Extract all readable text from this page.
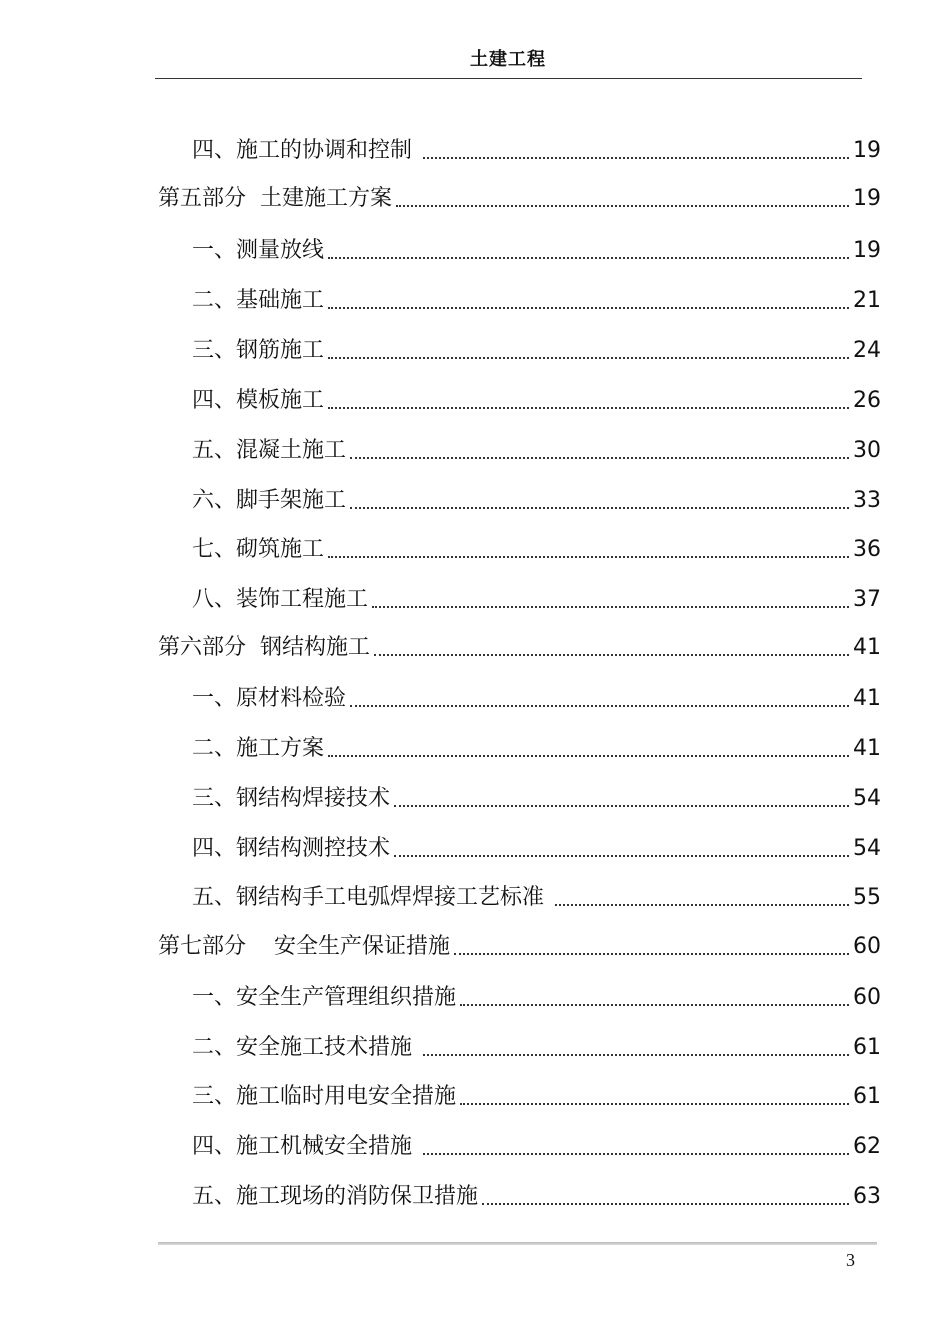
土建工程
四、施工的协调和控制	19
第五部分  土建施工方案	19
一、测量放线	19
二、基础施工	21
三、钢筋施工	24
四、模板施工	26
五、混凝土施工	30
六、脚手架施工	33
七、砌筑施工	36
八、装饰工程施工	37
第六部分  钢结构施工	41
一、原材料检验	41
二、施工方案	41
三、钢结构焊接技术	54
四、钢结构测控技术	54
五、钢结构手工电弧焊焊接工艺标准	55
第七部分    安全生产保证措施	60
一、安全生产管理组织措施	60
二、安全施工技术措施	61
三、施工临时用电安全措施	61
四、施工机械安全措施	62
五、施工现场的消防保卫措施	63
3
